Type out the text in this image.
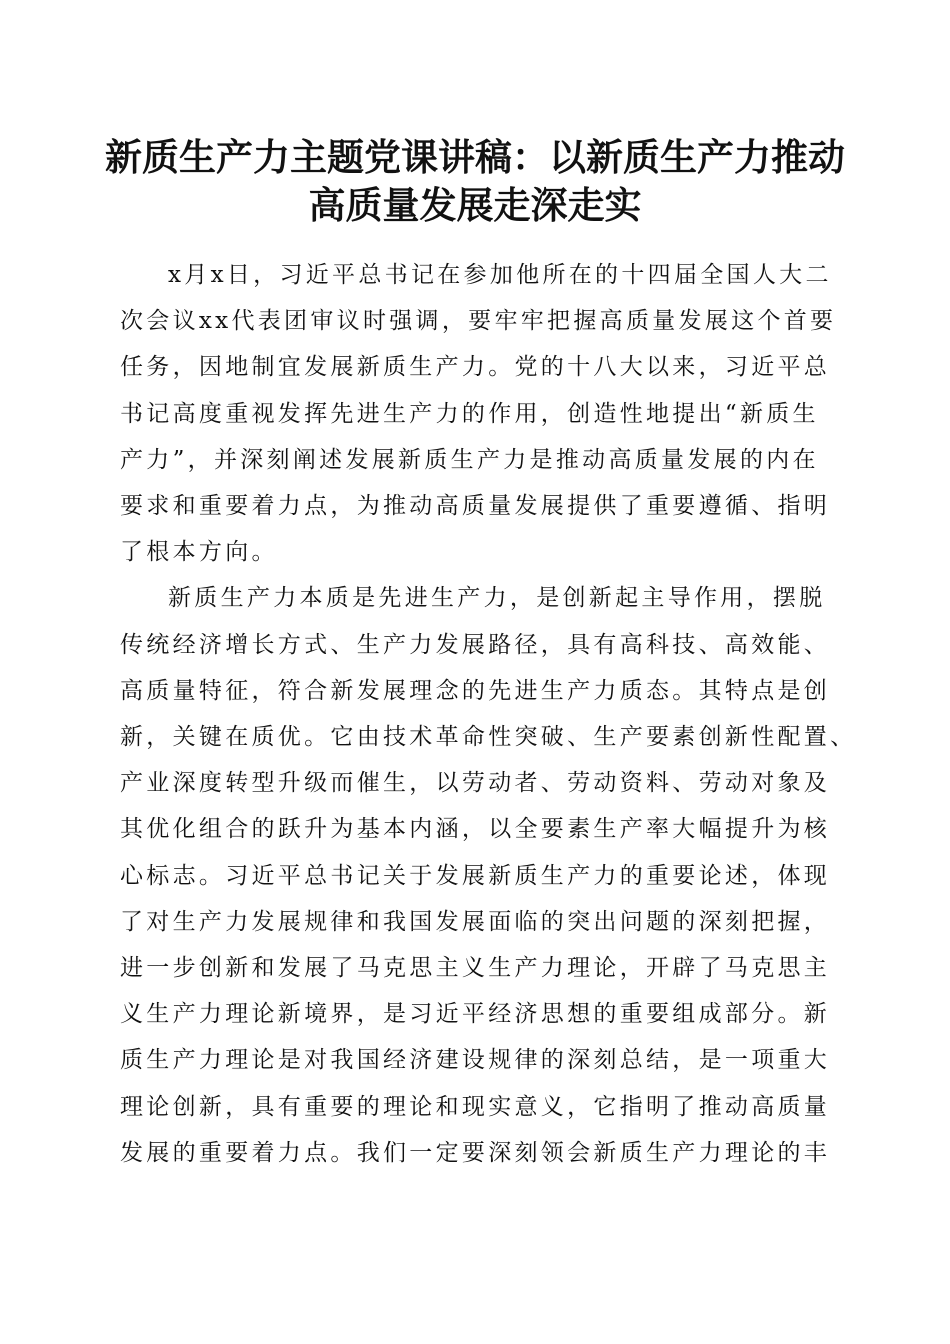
新质生产力主题党课讲稿：以新质生产力推动
高质量发展走深走实
x月x日，习近平总书记在参加他所在的十四届全国人大二
次会议xx代表团审议时强调，要牢牢把握高质量发展这个首要
任务，因地制宜发展新质生产力。党的十八大以来，习近平总
书记高度重视发挥先进生产力的作用，创造性地提出“新质生
产力”，并深刻阐述发展新质生产力是推动高质量发展的内在
要求和重要着力点，为推动高质量发展提供了重要遵循、指明
了根本方向。
新质生产力本质是先进生产力，是创新起主导作用，摆脱
传统经济增长方式、生产力发展路径，具有高科技、高效能、
高质量特征，符合新发展理念的先进生产力质态。其特点是创
新，关键在质优。它由技术革命性突破、生产要素创新性配置、
产业深度转型升级而催生，以劳动者、劳动资料、劳动对象及
其优化组合的跃升为基本内涵，以全要素生产率大幅提升为核
心标志。习近平总书记关于发展新质生产力的重要论述，体现
了对生产力发展规律和我国发展面临的突出问题的深刻把握，
进一步创新和发展了马克思主义生产力理论，开辟了马克思主
义生产力理论新境界，是习近平经济思想的重要组成部分。新
质生产力理论是对我国经济建设规律的深刻总结，是一项重大
理论创新，具有重要的理论和现实意义，它指明了推动高质量
发展的重要着力点。我们一定要深刻领会新质生产力理论的丰
